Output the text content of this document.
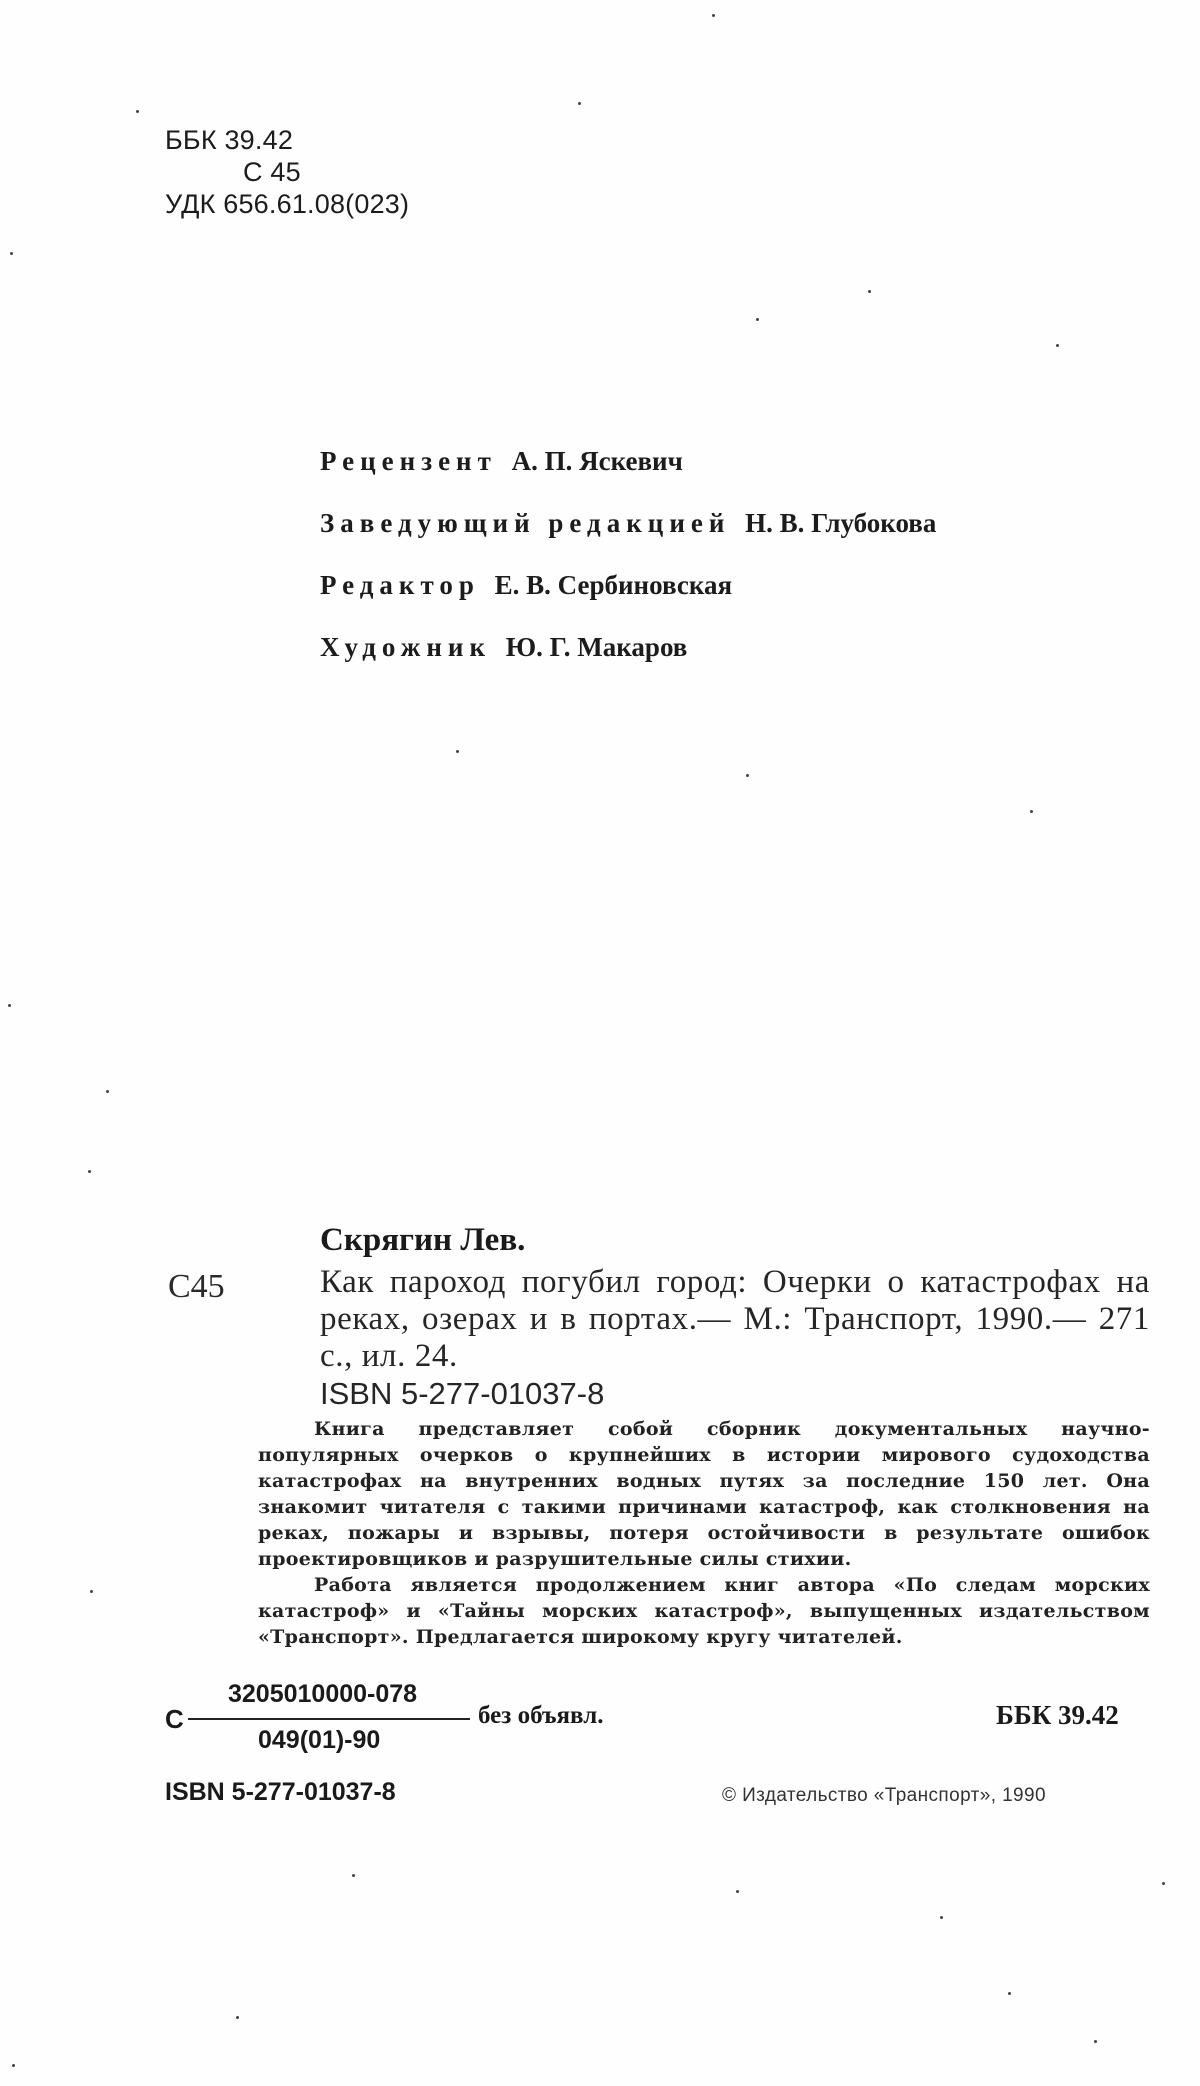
ББК 39.42
С 45
УДК 656.61.08(023)
Рецензент А. П. Яскевич
Заведующий редакцией Н. В. Глубокова
Редактор Е. В. Сербиновская
Художник Ю. Г. Макаров
Скрягин Лев.
С45	Как пароход погубил город: Очерки о катастрофах на реках, озерах и в портах.— М.: Транспорт, 1990.— 271 с., ил. 24.
ISBN 5-277-01037-8

Книга представляет собой сборник документальных научно-популярных очерков о крупнейших в истории мирового судоходства катастрофах на внутренних водных путях за последние 150 лет. Она знакомит читателя с такими причинами катастроф, как столкновения на реках, пожары и взрывы, потеря остойчивости в результате ошибок проектировщиков и разрушительные силы стихии.

Работа является продолжением книг автора «По следам морских катастроф» и «Тайны морских катастроф», выпущенных издательством «Транспорт». Предлагается широкому кругу читателей.

С
3205010000-078
049(01)-90
без объявл.	ББК 39.42
ISBN 5-277-01037-8	© Издательство «Транспорт», 1990
